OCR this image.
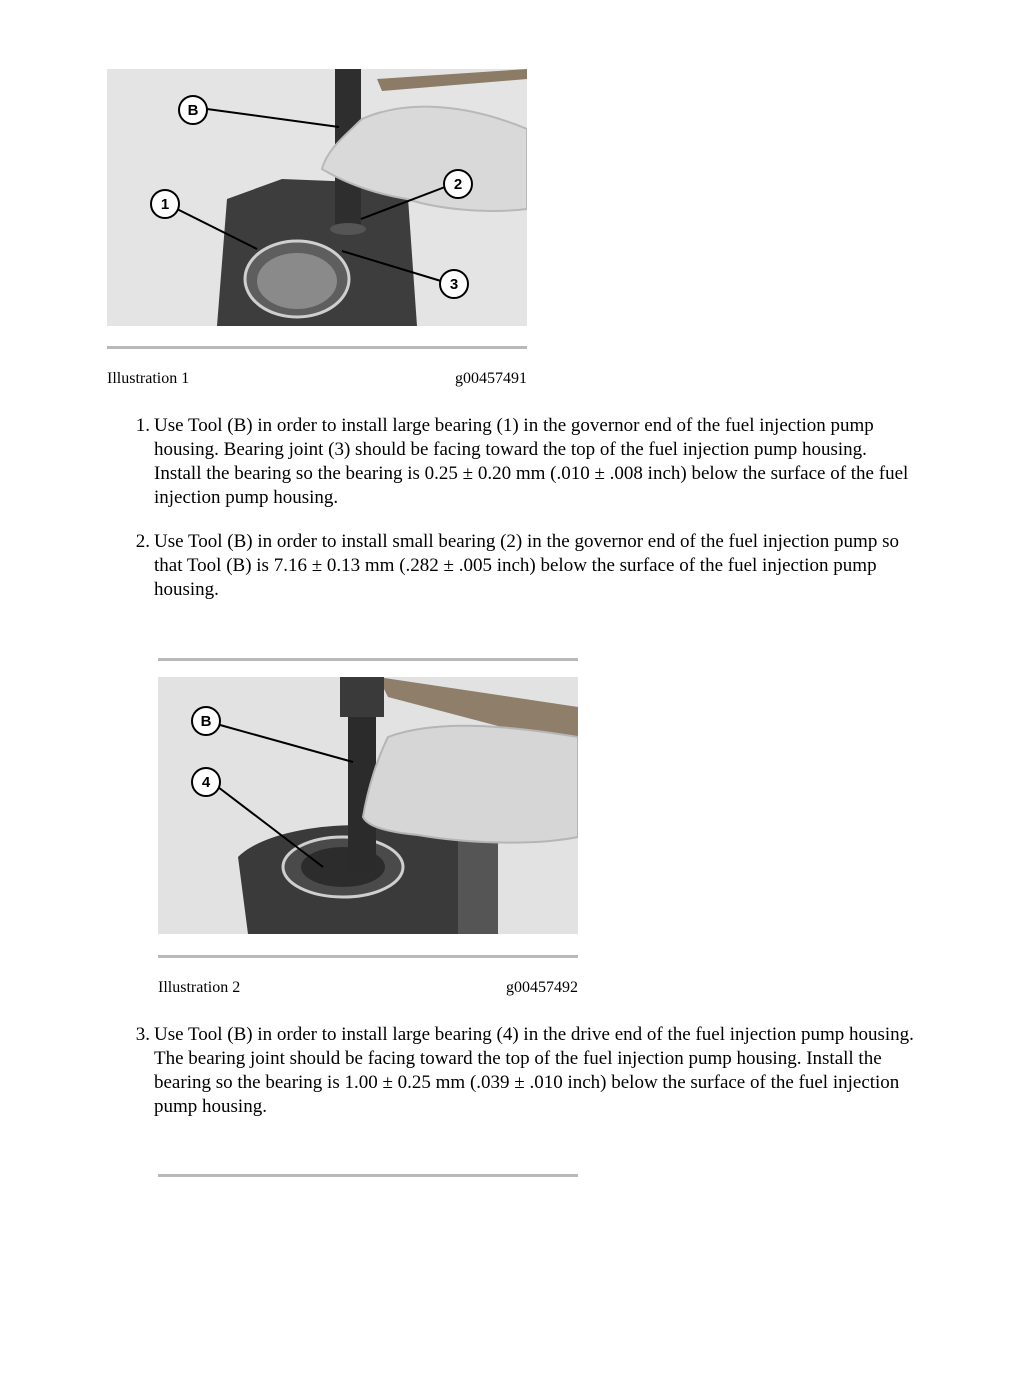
B
1
2
3
Illustration 1	g00457491
1. Use Tool (B) in order to install large bearing (1) in the governor end of the fuel injection pump housing. Bearing joint (3) should be facing toward the top of the fuel injection pump housing. Install the bearing so the bearing is 0.25 ± 0.20 mm (.010 ± .008 inch) below the surface of the fuel injection pump housing.
2. Use Tool (B) in order to install small bearing (2) in the governor end of the fuel injection pump so that Tool (B) is 7.16 ± 0.13 mm (.282 ± .005 inch) below the surface of the fuel injection pump housing.
B
4
Illustration 2	g00457492
3. Use Tool (B) in order to install large bearing (4) in the drive end of the fuel injection pump housing. The bearing joint should be facing toward the top of the fuel injection pump housing. Install the bearing so the bearing is 1.00 ± 0.25 mm (.039 ± .010 inch) below the surface of the fuel injection pump housing.
